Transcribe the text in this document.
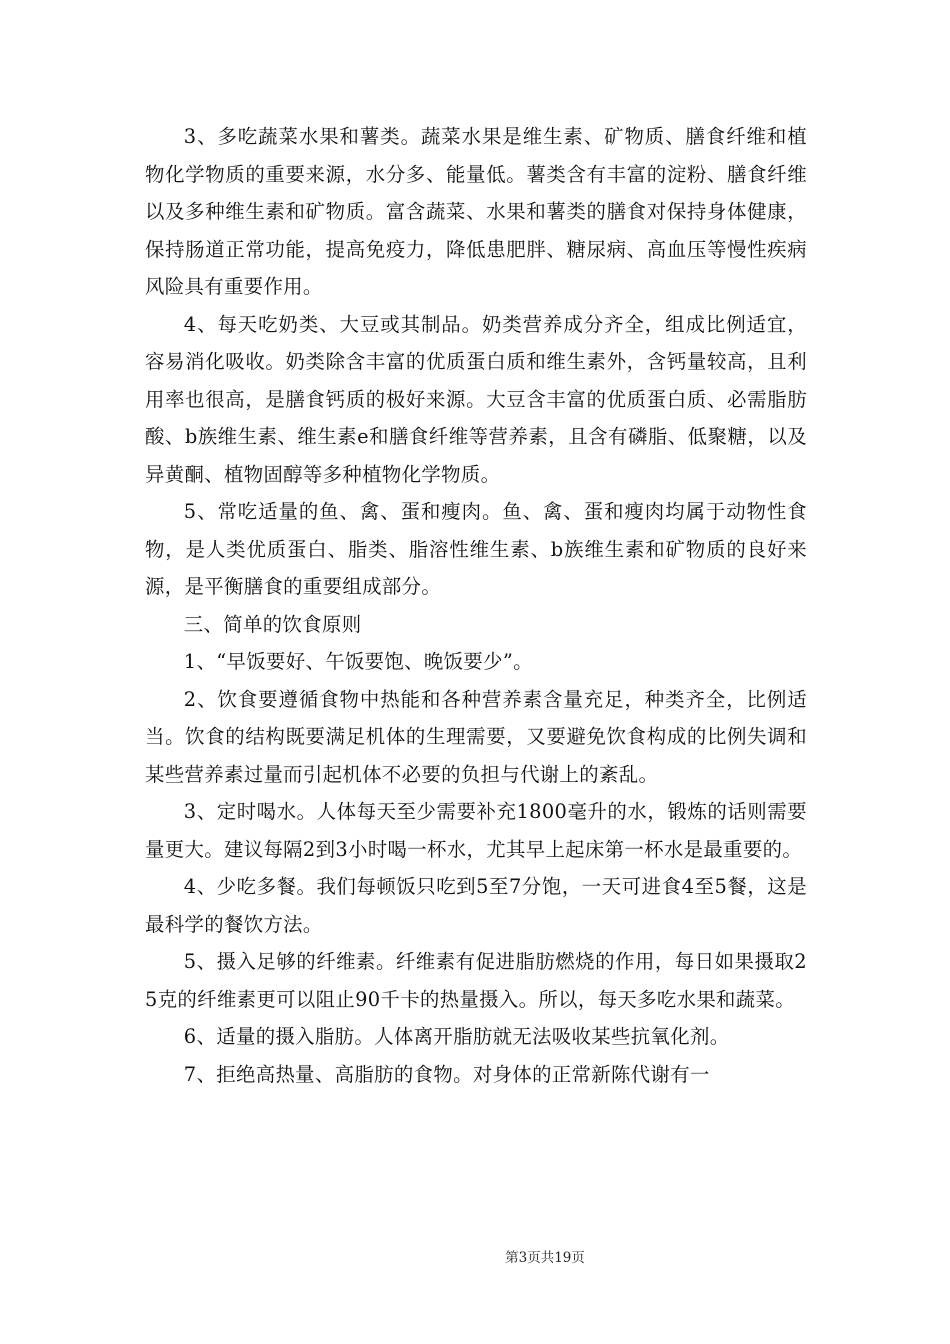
3、多吃蔬菜水果和薯类。蔬菜水果是维生素、矿物质、膳食纤维和植物化学物质的重要来源，水分多、能量低。薯类含有丰富的淀粉、膳食纤维以及多种维生素和矿物质。富含蔬菜、水果和薯类的膳食对保持身体健康，保持肠道正常功能，提高免疫力，降低患肥胖、糖尿病、高血压等慢性疾病风险具有重要作用。

4、每天吃奶类、大豆或其制品。奶类营养成分齐全，组成比例适宜，容易消化吸收。奶类除含丰富的优质蛋白质和维生素外，含钙量较高，且利用率也很高，是膳食钙质的极好来源。大豆含丰富的优质蛋白质、必需脂肪酸、b族维生素、维生素e和膳食纤维等营养素，且含有磷脂、低聚糖，以及异黄酮、植物固醇等多种植物化学物质。

5、常吃适量的鱼、禽、蛋和瘦肉。鱼、禽、蛋和瘦肉均属于动物性食物，是人类优质蛋白、脂类、脂溶性维生素、b族维生素和矿物质的良好来源，是平衡膳食的重要组成部分。

三、简单的饮食原则

1、“早饭要好、午饭要饱、晚饭要少”。

2、饮食要遵循食物中热能和各种营养素含量充足，种类齐全，比例适当。饮食的结构既要满足机体的生理需要，又要避免饮食构成的比例失调和某些营养素过量而引起机体不必要的负担与代谢上的紊乱。

3、定时喝水。人体每天至少需要补充1800毫升的水，锻炼的话则需要量更大。建议每隔2到3小时喝一杯水，尤其早上起床第一杯水是最重要的。

4、少吃多餐。我们每顿饭只吃到5至7分饱，一天可进食4至5餐，这是最科学的餐饮方法。

5、摄入足够的纤维素。纤维素有促进脂肪燃烧的作用，每日如果摄取25克的纤维素更可以阻止90千卡的热量摄入。所以，每天多吃水果和蔬菜。

6、适量的摄入脂肪。人体离开脂肪就无法吸收某些抗氧化剂。

7、拒绝高热量、高脂肪的食物。对身体的正常新陈代谢有一

第3页共19页
